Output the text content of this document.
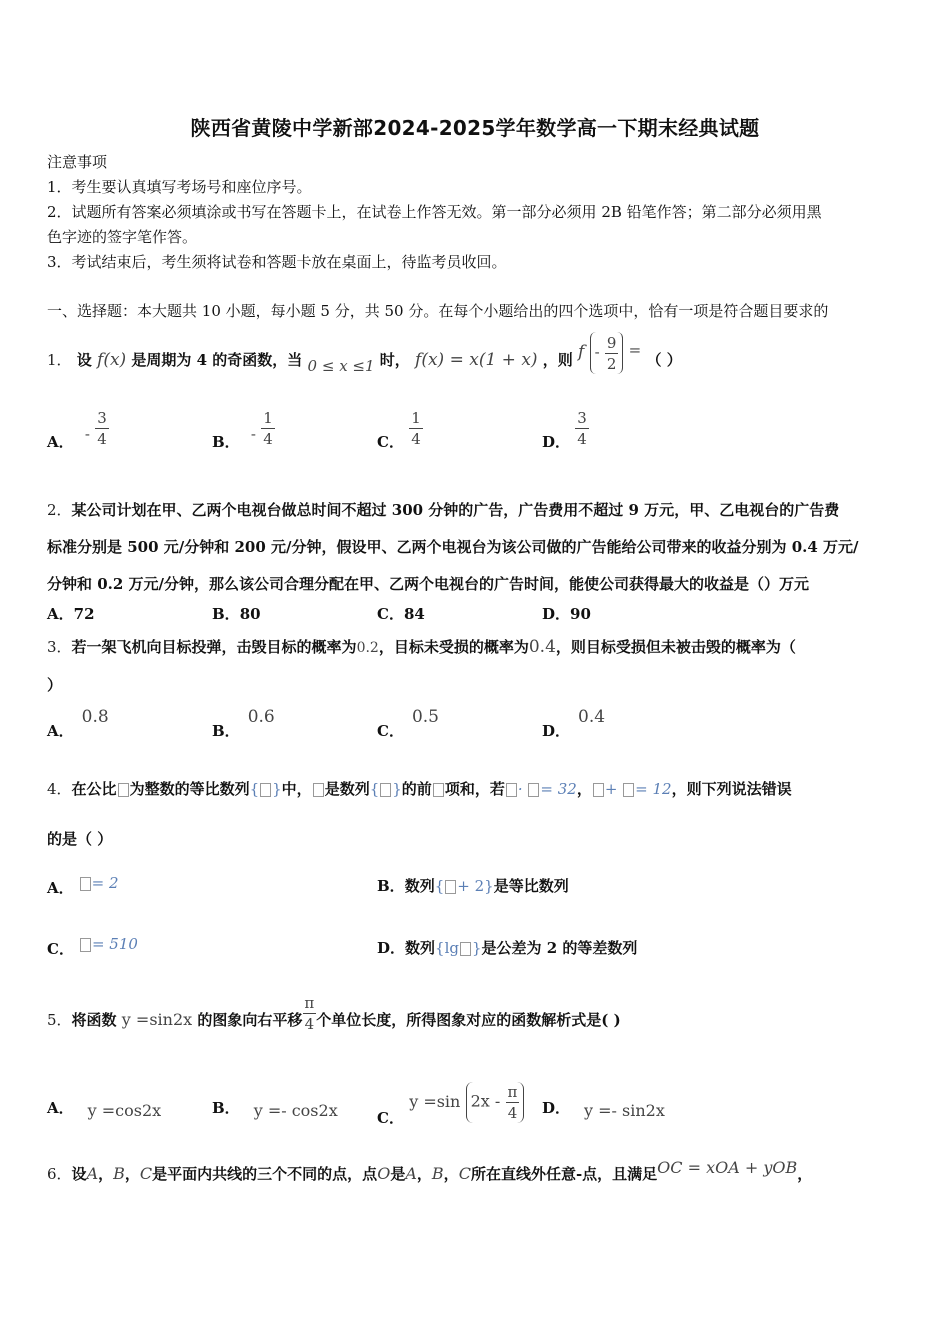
陕西省黄陵中学新部2024-2025学年数学高一下期末经典试题
注意事项
1．考生要认真填写考场号和座位序号。
2．试题所有答案必须填涂或书写在答题卡上，在试卷上作答无效。第一部分必须用 2B 铅笔作答；第二部分必须用黑
色字迹的签字笔作答。
3．考试结束后，考生须将试卷和答题卡放在桌面上，待监考员收回。
一、选择题：本大题共 10 小题，每小题 5 分，共 50 分。在每个小题给出的四个选项中，恰有一项是符合题目要求的
1． 设 f(x) 是周期为 4 的奇函数，当 0 ≤ x ≤1 时， f(x) = x(1 + x) ，则 f - $\frac{9}{2}$ = （ ）
A． - $\frac{3}{4}$	B． - $\frac{1}{4}$	C． $\frac{1}{4}$	D． $\frac{3}{4}$
2．某公司计划在甲、乙两个电视台做总时间不超过 300 分钟的广告，广告费用不超过 9 万元，甲、乙电视台的广告费
标准分别是 500 元/分钟和 200 元/分钟，假设甲、乙两个电视台为该公司做的广告能给公司带来的收益分别为 0.4 万元/
分钟和 0.2 万元/分钟，那么该公司合理分配在甲、乙两个电视台的广告时间，能使公司获得最大的收益是（）万元
A．72	B．80	C．84	D．90
3．若一架飞机向目标投弹，击毁目标的概率为0.2，目标未受损的概率为0.4，则目标受损但未被击毁的概率为（
）
A．0.8
B．0.6
C．0.5
D．0.4
4．在公比 为整数的等比数列{ }中， 是数列{ }的前 项和，若 · = 32， + = 12，则下列说法错误
的是（ ）
A． = 2	B．数列{ + 2}是等比数列
C． = 510	D．数列{lg }是公差为 2 的等差数列
5．将函数 y =sin2x 的图象向右平移 $\frac{\pi}{4}$ 个单位长度，所得图象对应的函数解析式是( )
A． y =cos2x	B． y =- cos2x	C． y =sin $2x - \frac{\pi}{4}$ D． y =- sin2x
6．设A，B，C是平面内共线的三个不同的点，点O是A，B，C所在直线外任意-点，且满足OC = xOA + yOB，
